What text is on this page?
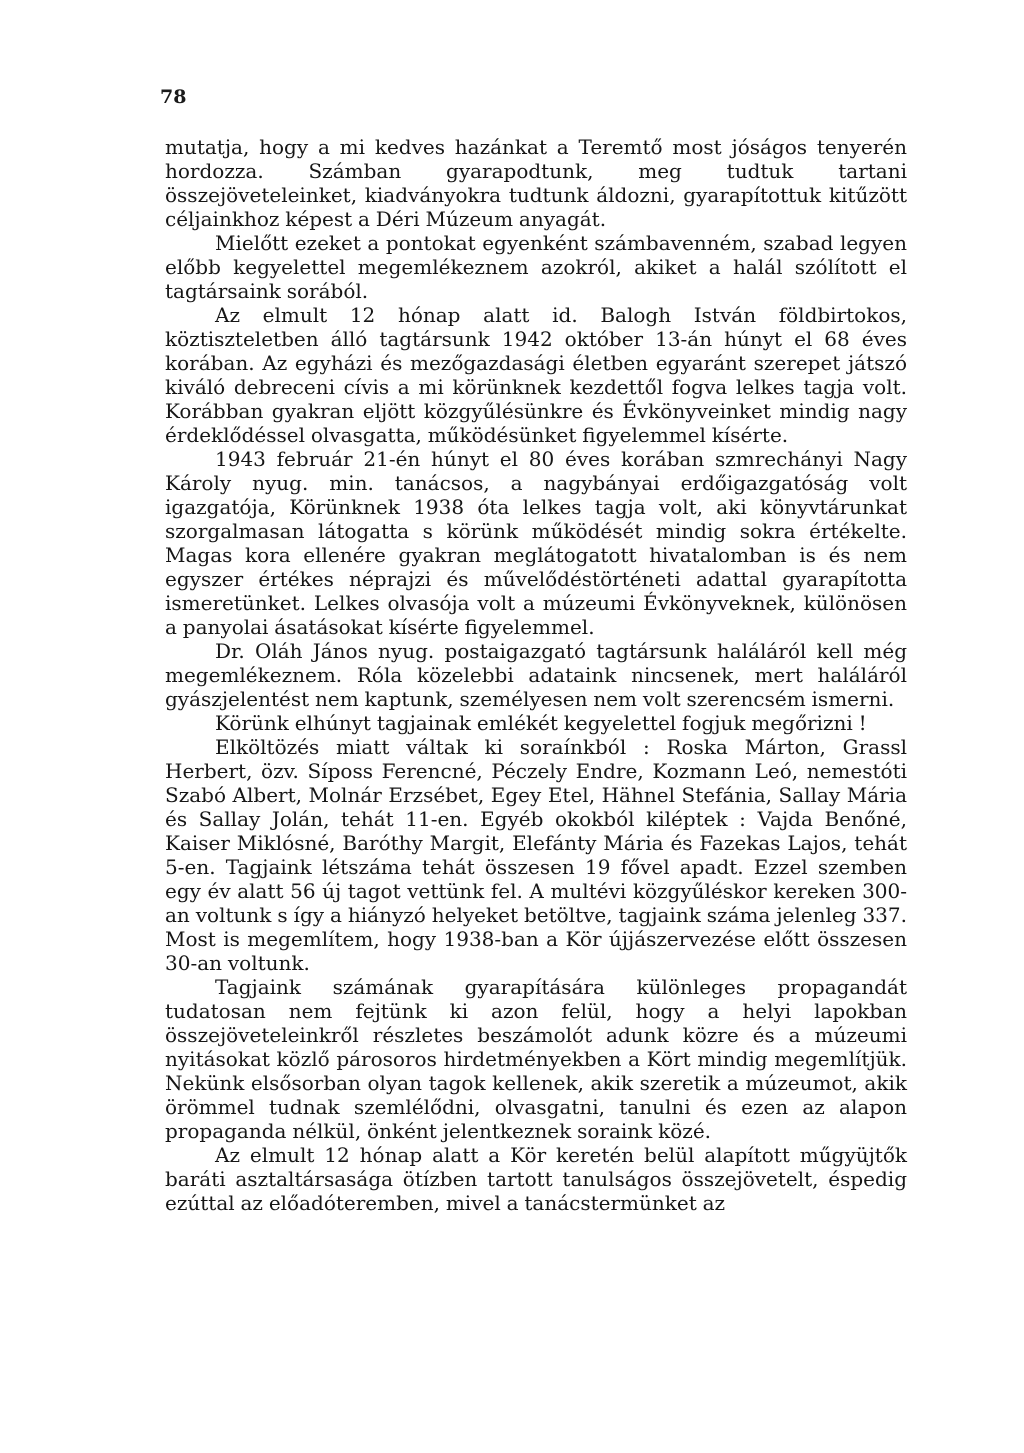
78

mutatja, hogy a mi kedves hazánkat a Teremtő most jóságos tenyerén hordozza. Számban gyarapodtunk, meg tudtuk tartani összejöveteleinket, kiadványokra tudtunk áldozni, gyarapítottuk kitűzött céljainkhoz képest a Déri Múzeum anyagát.

Mielőtt ezeket a pontokat egyenként számbavenném, szabad legyen előbb kegyelettel megemlékeznem azokról, akiket a halál szólított el tagtársaink sorából.

Az elmult 12 hónap alatt id. Balogh István földbirtokos, köztiszteletben álló tagtársunk 1942 október 13-án húnyt el 68 éves korában. Az egyházi és mezőgazdasági életben egyaránt szerepet játszó kiváló debreceni cívis a mi körünknek kezdettől fogva lelkes tagja volt. Korábban gyakran eljött közgyűlésünkre és Évkönyveinket mindig nagy érdeklődéssel olvasgatta, működésünket figyelemmel kísérte.

1943 február 21-én húnyt el 80 éves korában szmrechányi Nagy Károly nyug. min. tanácsos, a nagybányai erdőigazgatóság volt igazgatója, Körünknek 1938 óta lelkes tagja volt, aki könyvtárunkat szorgalmasan látogatta s körünk működését mindig sokra értékelte. Magas kora ellenére gyakran meglátogatott hivatalomban is és nem egyszer értékes néprajzi és művelődéstörténeti adattal gyarapította ismeretünket. Lelkes olvasója volt a múzeumi Évkönyveknek, különösen a panyolai ásatásokat kísérte figyelemmel.

Dr. Oláh János nyug. postaigazgató tagtársunk haláláról kell még megemlékeznem. Róla közelebbi adataink nincsenek, mert haláláról gyászjelentést nem kaptunk, személyesen nem volt szerencsém ismerni.

Körünk elhúnyt tagjainak emlékét kegyelettel fogjuk megőrizni !

Elköltözés miatt váltak ki soraínkból : Roska Márton, Grassl Herbert, özv. Síposs Ferencné, Péczely Endre, Kozmann Leó, nemestóti Szabó Albert, Molnár Erzsébet, Egey Etel, Hähnel Stefánia, Sallay Mária és Sallay Jolán, tehát 11-en. Egyéb okokból kiléptek : Vajda Benőné, Kaiser Miklósné, Baróthy Margit, Elefánty Mária és Fazekas Lajos, tehát 5-en. Tagjaink létszáma tehát összesen 19 fővel apadt. Ezzel szemben egy év alatt 56 új tagot vettünk fel. A multévi közgyűléskor kereken 300-an voltunk s így a hiányzó helyeket betöltve, tagjaink száma jelenleg 337. Most is megemlítem, hogy 1938-ban a Kör újjászervezése előtt összesen 30-an voltunk.

Tagjaink számának gyarapítására különleges propagandát tudatosan nem fejtünk ki azon felül, hogy a helyi lapokban összejöveteleinkről részletes beszámolót adunk közre és a múzeumi nyitásokat közlő párosoros hirdetményekben a Kört mindig megemlítjük. Nekünk elsősorban olyan tagok kellenek, akik szeretik a múzeumot, akik örömmel tudnak szemlélődni, olvasgatni, tanulni és ezen az alapon propaganda nélkül, önként jelentkeznek soraink közé.

Az elmult 12 hónap alatt a Kör keretén belül alapított műgyüjtők baráti asztaltársasága ötízben tartott tanulságos összejövetelt, éspedig ezúttal az előadóteremben, mivel a tanácstermünket az
